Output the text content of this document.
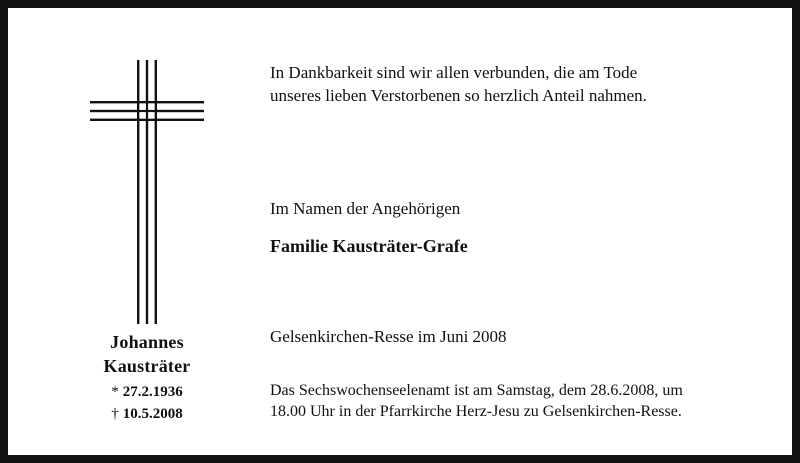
Johannes
Kausträter
* 27.2.1936
† 10.5.2008
In Dankbarkeit sind wir allen verbunden, die am Tode
unseres lieben Verstorbenen so herzlich Anteil nahmen.
Im Namen der Angehörigen
Familie Kausträter-Grafe
Gelsenkirchen-Resse im Juni 2008
Das Sechswochenseelenamt ist am Samstag, dem 28.6.2008, um
18.00 Uhr in der Pfarrkirche Herz-Jesu zu Gelsenkirchen-Resse.
